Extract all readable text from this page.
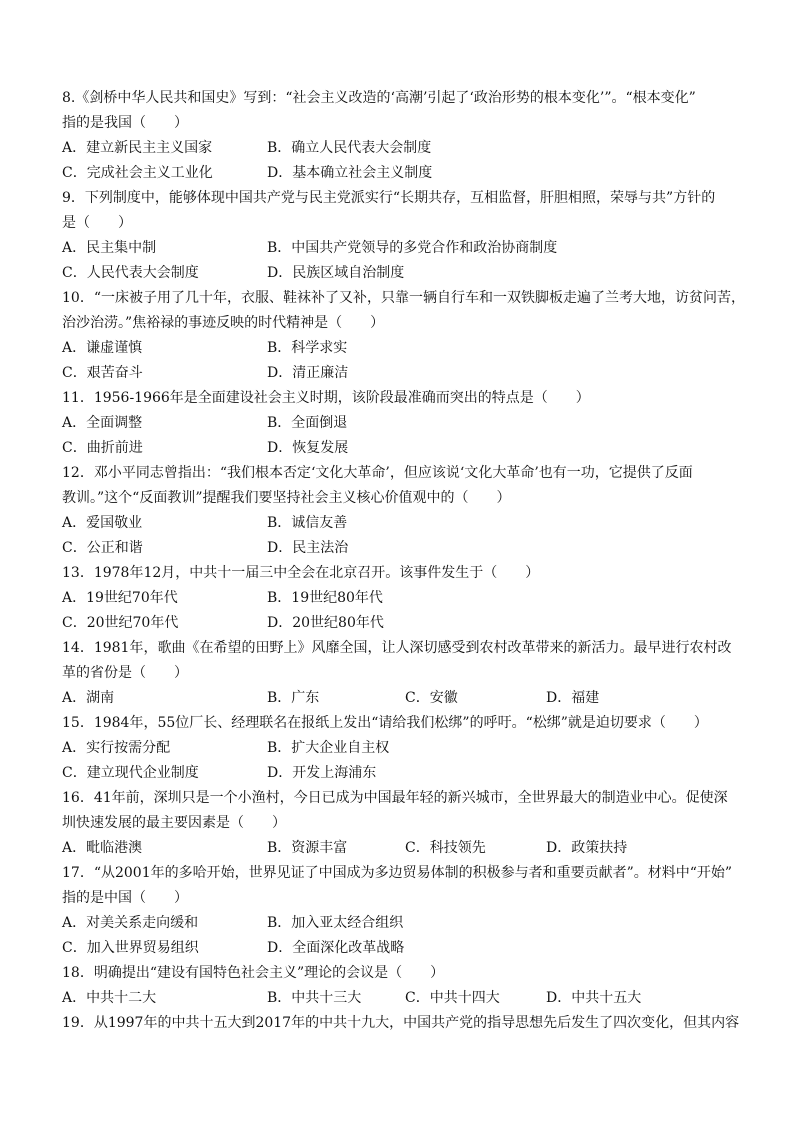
8.《剑桥中华人民共和国史》写到：“社会主义改造的‘高潮’引起了‘政治形势的根本变化’”。“根本变化”
指的是我国（　　）
A．建立新民主主义国家	B．确立人民代表大会制度
C．完成社会主义工业化	D．基本确立社会主义制度
9．下列制度中，能够体现中国共产党与民主党派实行“长期共存，互相监督，肝胆相照，荣辱与共”方针的
是（　　）
A．民主集中制	B．中国共产党领导的多党合作和政治协商制度
C．人民代表大会制度	D．民族区域自治制度
10．“一床被子用了几十年，衣服、鞋袜补了又补，只靠一辆自行车和一双铁脚板走遍了兰考大地，访贫问苦，
治沙治涝。”焦裕禄的事迹反映的时代精神是（　　）
A．谦虚谨慎	B．科学求实
C．艰苦奋斗	D．清正廉洁
11．1956-1966年是全面建设社会主义时期，该阶段最准确而突出的特点是（　　）
A．全面调整	B．全面倒退
C．曲折前进	D．恢复发展
12．邓小平同志曾指出：“我们根本否定‘文化大革命’，但应该说‘文化大革命’也有一功，它提供了反面
教训。”这个“反面教训”提醒我们要坚持社会主义核心价值观中的（　　）
A．爱国敬业	B．诚信友善
C．公正和谐	D．民主法治
13．1978年12月，中共十一届三中全会在北京召开。该事件发生于（　　）
A．19世纪70年代	B．19世纪80年代
C．20世纪70年代	D．20世纪80年代
14．1981年，歌曲《在希望的田野上》风靡全国，让人深切感受到农村改革带来的新活力。最早进行农村改
革的省份是（　　）
A．湖南	B．广东	C．安徽	D．福建
15．1984年，55位厂长、经理联名在报纸上发出“请给我们松绑”的呼吁。“松绑”就是迫切要求（　　）
A．实行按需分配	B．扩大企业自主权
C．建立现代企业制度	D．开发上海浦东
16．41年前，深圳只是一个小渔村，今日已成为中国最年轻的新兴城市，全世界最大的制造业中心。促使深
圳快速发展的最主要因素是（　　）
A．毗临港澳	B．资源丰富	C．科技领先	D．政策扶持
17．“从2001年的多哈开始，世界见证了中国成为多边贸易体制的积极参与者和重要贡献者”。材料中“开始”
指的是中国（　　）
A．对美关系走向缓和	B．加入亚太经合组织
C．加入世界贸易组织	D．全面深化改革战略
18．明确提出“建设有国特色社会主义”理论的会议是（　　）
A．中共十二大	B．中共十三大	C．中共十四大	D．中共十五大
19．从1997年的中共十五大到2017年的中共十九大，中国共产党的指导思想先后发生了四次变化，但其内容
